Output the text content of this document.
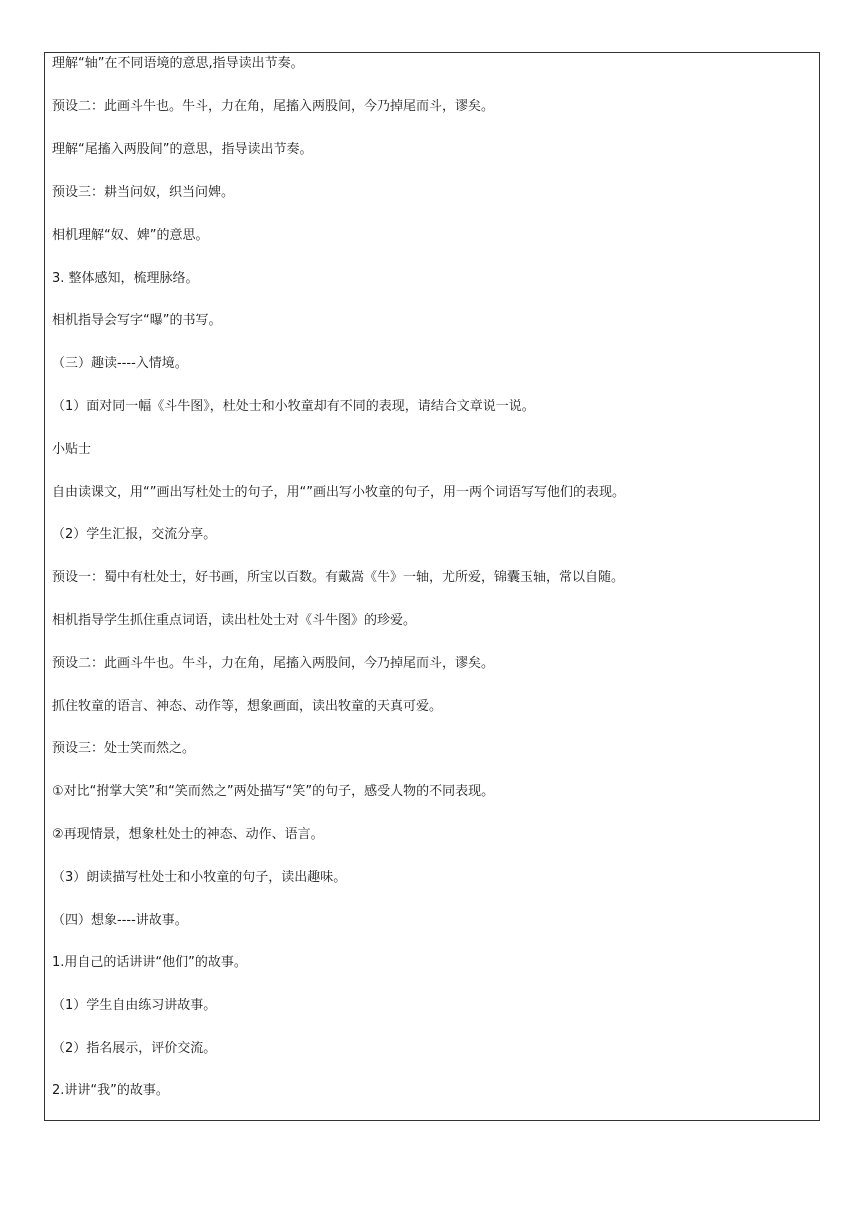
理解“轴”在不同语境的意思,指导读出节奏。
预设二：此画斗牛也。牛斗，力在角，尾搐入两股间，今乃掉尾而斗，谬矣。
理解“尾搐入两股间”的意思，指导读出节奏。
预设三：耕当问奴，织当问婢。
相机理解“奴、婢”的意思。
3. 整体感知，梳理脉络。
相机指导会写字“曝”的书写。
（三）趣读----入情境。
（1）面对同一幅《斗牛图》，杜处士和小牧童却有不同的表现，请结合文章说一说。
小贴士
自由读课文，用“”画出写杜处士的句子，用“”画出写小牧童的句子，用一两个词语写写他们的表现。
（2）学生汇报，交流分享。
预设一：蜀中有杜处士，好书画，所宝以百数。有戴嵩《牛》一轴，尤所爱，锦囊玉轴，常以自随。
相机指导学生抓住重点词语，读出杜处士对《斗牛图》的珍爱。
预设二：此画斗牛也。牛斗，力在角，尾搐入两股间，今乃掉尾而斗，谬矣。
抓住牧童的语言、神态、动作等，想象画面，读出牧童的天真可爱。
预设三：处士笑而然之。
①对比“拊掌大笑”和“笑而然之”两处描写“笑”的句子，感受人物的不同表现。
②再现情景，想象杜处士的神态、动作、语言。
（3）朗读描写杜处士和小牧童的句子，读出趣味。
（四）想象----讲故事。
1.用自己的话讲讲“他们”的故事。
（1）学生自由练习讲故事。
（2）指名展示，评价交流。
2.讲讲“我”的故事。
